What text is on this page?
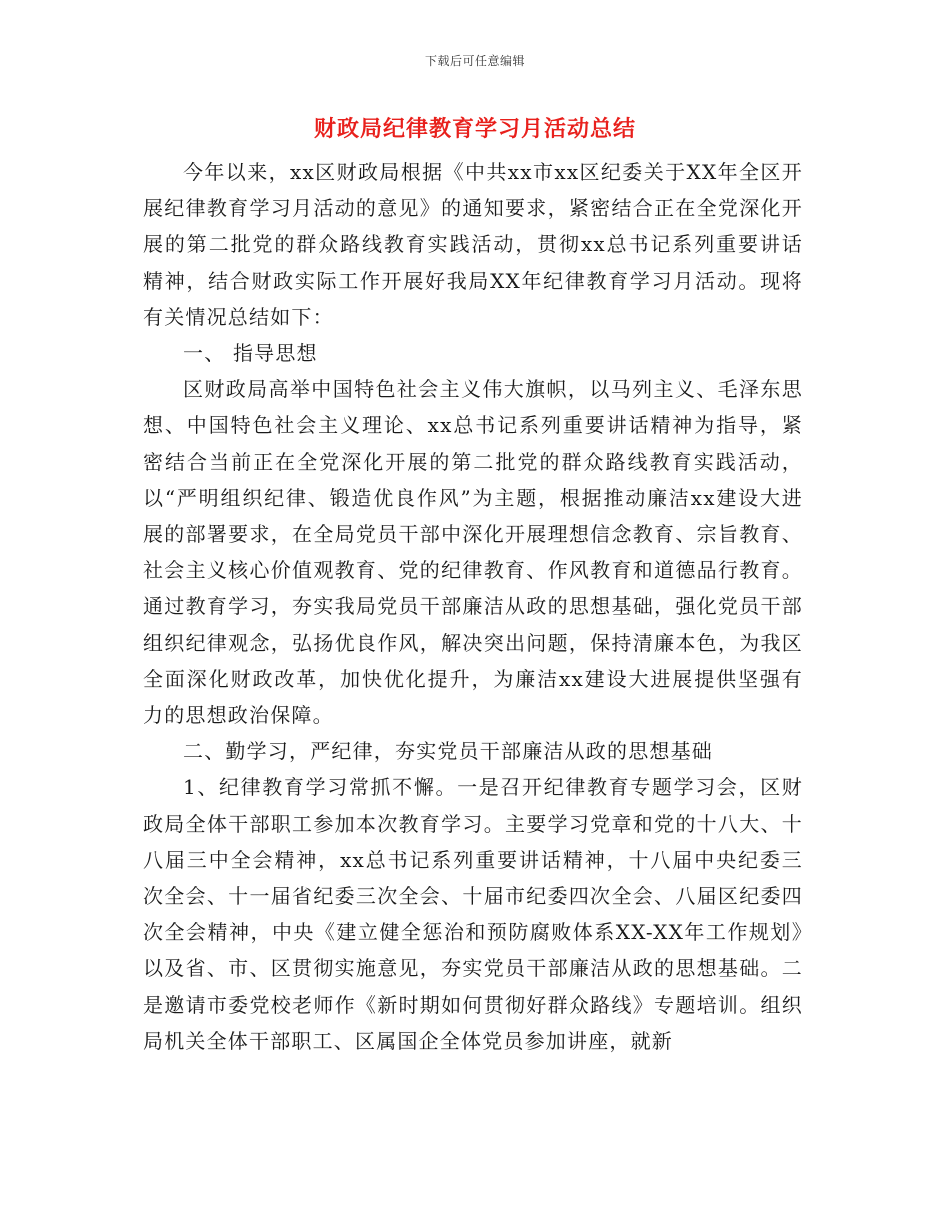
下载后可任意编辑
财政局纪律教育学习月活动总结

今年以来，xx区财政局根据《中共xx市xx区纪委关于XX年全区开展纪律教育学习月活动的意见》的通知要求，紧密结合正在全党深化开展的第二批党的群众路线教育实践活动，贯彻xx总书记系列重要讲话精神，结合财政实际工作开展好我局XX年纪律教育学习月活动。现将有关情况总结如下：

一、 指导思想

区财政局高举中国特色社会主义伟大旗帜，以马列主义、毛泽东思想、中国特色社会主义理论、xx总书记系列重要讲话精神为指导，紧密结合当前正在全党深化开展的第二批党的群众路线教育实践活动，以“严明组织纪律、锻造优良作风”为主题，根据推动廉洁xx建设大进展的部署要求，在全局党员干部中深化开展理想信念教育、宗旨教育、社会主义核心价值观教育、党的纪律教育、作风教育和道德品行教育。通过教育学习，夯实我局党员干部廉洁从政的思想基础，强化党员干部组织纪律观念，弘扬优良作风，解决突出问题，保持清廉本色，为我区全面深化财政改革，加快优化提升，为廉洁xx建设大进展提供坚强有力的思想政治保障。

二、勤学习，严纪律，夯实党员干部廉洁从政的思想基础

1、纪律教育学习常抓不懈。一是召开纪律教育专题学习会，区财政局全体干部职工参加本次教育学习。主要学习党章和党的十八大、十八届三中全会精神，xx总书记系列重要讲话精神，十八届中央纪委三次全会、十一届省纪委三次全会、十届市纪委四次全会、八届区纪委四次全会精神，中央《建立健全惩治和预防腐败体系XX-XX年工作规划》以及省、市、区贯彻实施意见，夯实党员干部廉洁从政的思想基础。二是邀请市委党校老师作《新时期如何贯彻好群众路线》专题培训。组织局机关全体干部职工、区属国企全体党员参加讲座，就新
